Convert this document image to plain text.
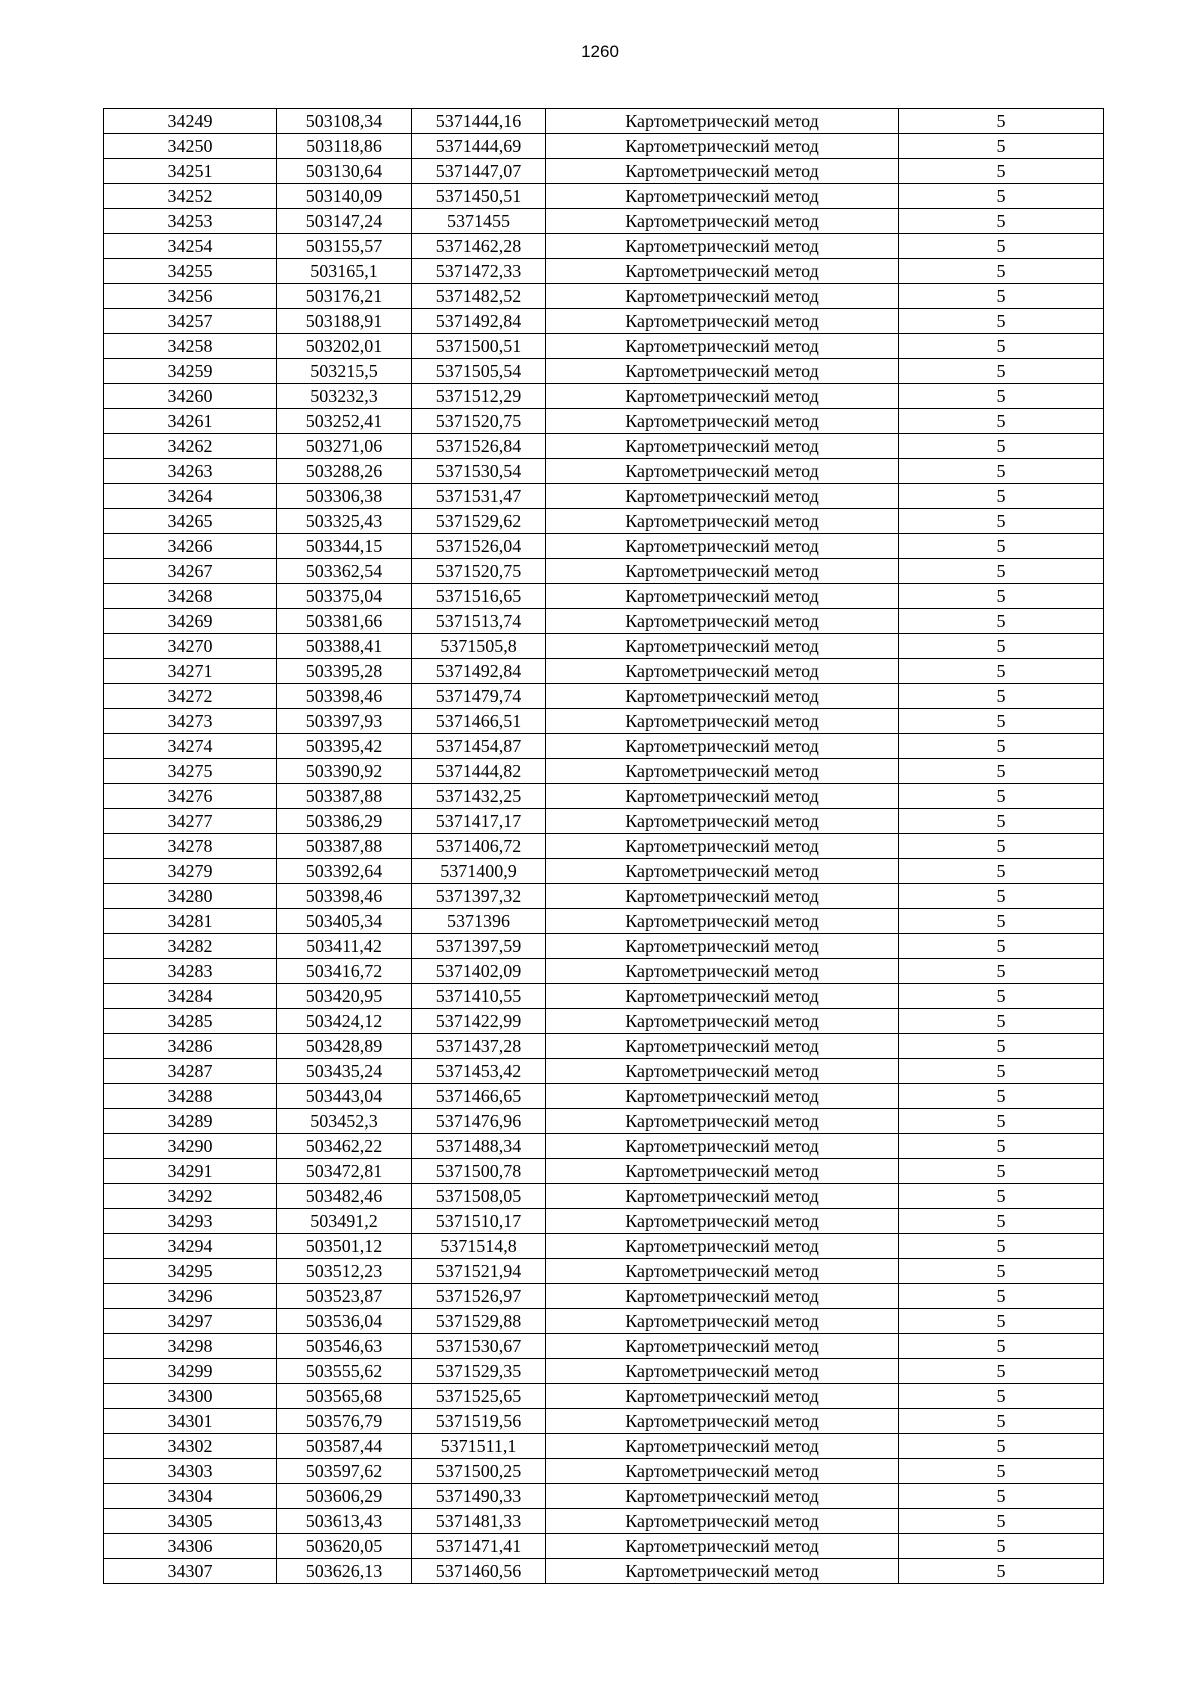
1260
34249	503108,34	5371444,16	Картометрический метод	5
34250	503118,86	5371444,69	Картометрический метод	5
34251	503130,64	5371447,07	Картометрический метод	5
34252	503140,09	5371450,51	Картометрический метод	5
34253	503147,24	5371455	Картометрический метод	5
34254	503155,57	5371462,28	Картометрический метод	5
34255	503165,1	5371472,33	Картометрический метод	5
34256	503176,21	5371482,52	Картометрический метод	5
34257	503188,91	5371492,84	Картометрический метод	5
34258	503202,01	5371500,51	Картометрический метод	5
34259	503215,5	5371505,54	Картометрический метод	5
34260	503232,3	5371512,29	Картометрический метод	5
34261	503252,41	5371520,75	Картометрический метод	5
34262	503271,06	5371526,84	Картометрический метод	5
34263	503288,26	5371530,54	Картометрический метод	5
34264	503306,38	5371531,47	Картометрический метод	5
34265	503325,43	5371529,62	Картометрический метод	5
34266	503344,15	5371526,04	Картометрический метод	5
34267	503362,54	5371520,75	Картометрический метод	5
34268	503375,04	5371516,65	Картометрический метод	5
34269	503381,66	5371513,74	Картометрический метод	5
34270	503388,41	5371505,8	Картометрический метод	5
34271	503395,28	5371492,84	Картометрический метод	5
34272	503398,46	5371479,74	Картометрический метод	5
34273	503397,93	5371466,51	Картометрический метод	5
34274	503395,42	5371454,87	Картометрический метод	5
34275	503390,92	5371444,82	Картометрический метод	5
34276	503387,88	5371432,25	Картометрический метод	5
34277	503386,29	5371417,17	Картометрический метод	5
34278	503387,88	5371406,72	Картометрический метод	5
34279	503392,64	5371400,9	Картометрический метод	5
34280	503398,46	5371397,32	Картометрический метод	5
34281	503405,34	5371396	Картометрический метод	5
34282	503411,42	5371397,59	Картометрический метод	5
34283	503416,72	5371402,09	Картометрический метод	5
34284	503420,95	5371410,55	Картометрический метод	5
34285	503424,12	5371422,99	Картометрический метод	5
34286	503428,89	5371437,28	Картометрический метод	5
34287	503435,24	5371453,42	Картометрический метод	5
34288	503443,04	5371466,65	Картометрический метод	5
34289	503452,3	5371476,96	Картометрический метод	5
34290	503462,22	5371488,34	Картометрический метод	5
34291	503472,81	5371500,78	Картометрический метод	5
34292	503482,46	5371508,05	Картометрический метод	5
34293	503491,2	5371510,17	Картометрический метод	5
34294	503501,12	5371514,8	Картометрический метод	5
34295	503512,23	5371521,94	Картометрический метод	5
34296	503523,87	5371526,97	Картометрический метод	5
34297	503536,04	5371529,88	Картометрический метод	5
34298	503546,63	5371530,67	Картометрический метод	5
34299	503555,62	5371529,35	Картометрический метод	5
34300	503565,68	5371525,65	Картометрический метод	5
34301	503576,79	5371519,56	Картометрический метод	5
34302	503587,44	5371511,1	Картометрический метод	5
34303	503597,62	5371500,25	Картометрический метод	5
34304	503606,29	5371490,33	Картометрический метод	5
34305	503613,43	5371481,33	Картометрический метод	5
34306	503620,05	5371471,41	Картометрический метод	5
34307	503626,13	5371460,56	Картометрический метод	5
